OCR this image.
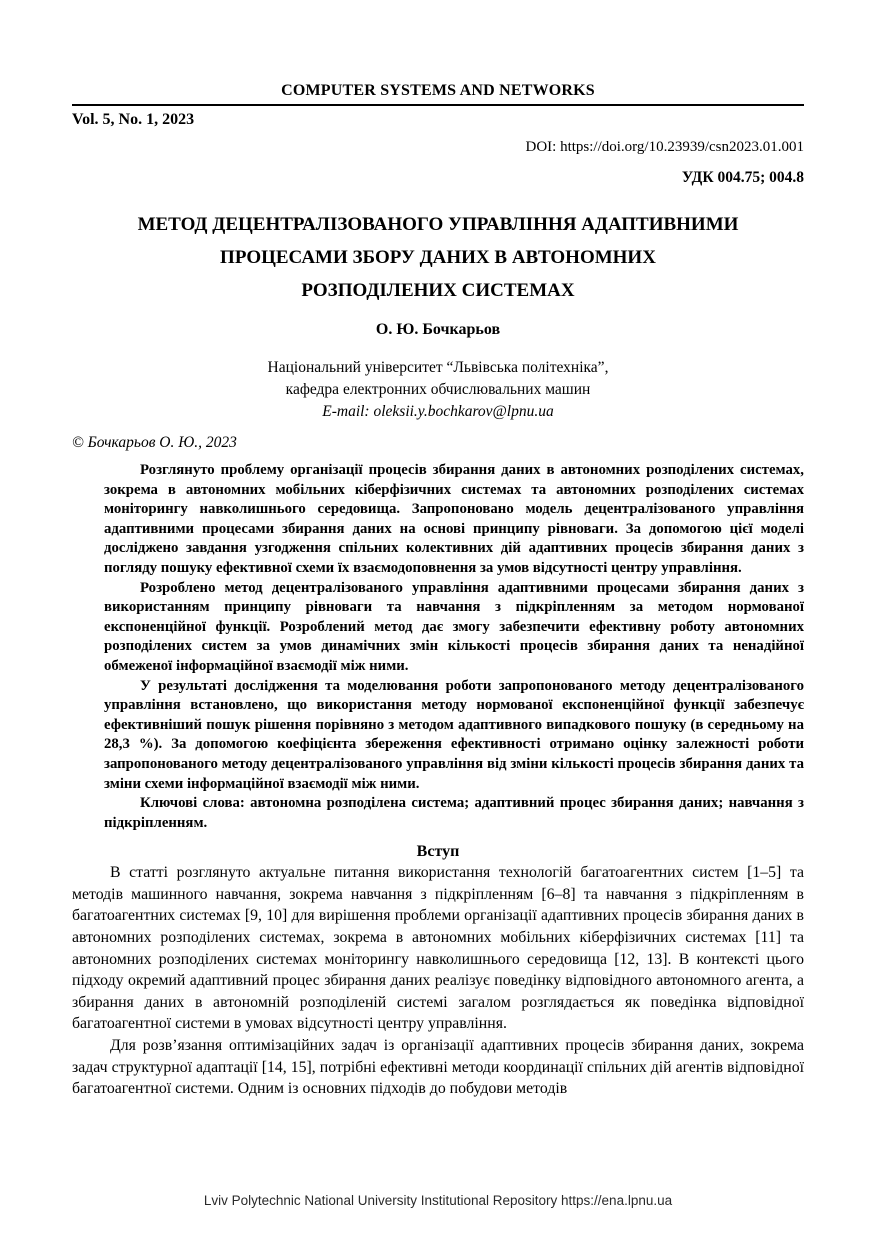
COMPUTER SYSTEMS AND NETWORKS
Vol. 5, No. 1, 2023
DOI: https://doi.org/10.23939/csn2023.01.001
УДК 004.75; 004.8
МЕТОД ДЕЦЕНТРАЛІЗОВАНОГО УПРАВЛІННЯ АДАПТИВНИМИ
ПРОЦЕСАМИ ЗБОРУ ДАНИХ В АВТОНОМНИХ
РОЗПОДІЛЕНИХ СИСТЕМАХ
О. Ю. Бочкарьов
Національний університет “Львівська політехніка”,
кафедра електронних обчислювальних машин
E-mail: oleksii.y.bochkarov@lpnu.ua
© Бочкарьов О. Ю., 2023

Розглянуто проблему організації процесів збирання даних в автономних розподілених системах, зокрема в автономних мобільних кіберфізичних системах та автономних розподілених системах моніторингу навколишнього середовища. Запропоновано модель децентралізованого управління адаптивними процесами збирання даних на основі принципу рівноваги. За допомогою цієї моделі досліджено завдання узгодження спільних колективних дій адаптивних процесів збирання даних з погляду пошуку ефективної схеми їх взаємодоповнення за умов відсутності центру управління.

Розроблено метод децентралізованого управління адаптивними процесами збирання даних з використанням принципу рівноваги та навчання з підкріпленням за методом нормованої експоненційної функції. Розроблений метод дає змогу забезпечити ефективну роботу автономних розподілених систем за умов динамічних змін кількості процесів збирання даних та ненадійної обмеженої інформаційної взаємодії між ними.

У результаті дослідження та моделювання роботи запропонованого методу децентралізованого управління встановлено, що використання методу нормованої експоненційної функції забезпечує ефективніший пошук рішення порівняно з методом адаптивного випадкового пошуку (в середньому на 28,3 %). За допомогою коефіцієнта збереження ефективності отримано оцінку залежності роботи запропонованого методу децентралізованого управління від зміни кількості процесів збирання даних та зміни схеми інформаційної взаємодії між ними.

Ключові слова: автономна розподілена система; адаптивний процес збирання даних; навчання з підкріпленням.

Вступ

В статті розглянуто актуальне питання використання технологій багатоагентних систем [1–5] та методів машинного навчання, зокрема навчання з підкріпленням [6–8] та навчання з підкріпленням в багатоагентних системах [9, 10] для вирішення проблеми організації адаптивних процесів збирання даних в автономних розподілених системах, зокрема в автономних мобільних кіберфізичних системах [11] та автономних розподілених системах моніторингу навколишнього середовища [12, 13]. В контексті цього підходу окремий адаптивний процес збирання даних реалізує поведінку відповідного автономного агента, а збирання даних в автономній розподіленій системі загалом розглядається як поведінка відповідної багатоагентної системи в умовах відсутності центру управління.

Для розв’язання оптимізаційних задач із організації адаптивних процесів збирання даних, зокрема задач структурної адаптації [14, 15], потрібні ефективні методи координації спільних дій агентів відповідної багатоагентної системи. Одним із основних підходів до побудови методів

Lviv Polytechnic National University Institutional Repository https://ena.lpnu.ua
